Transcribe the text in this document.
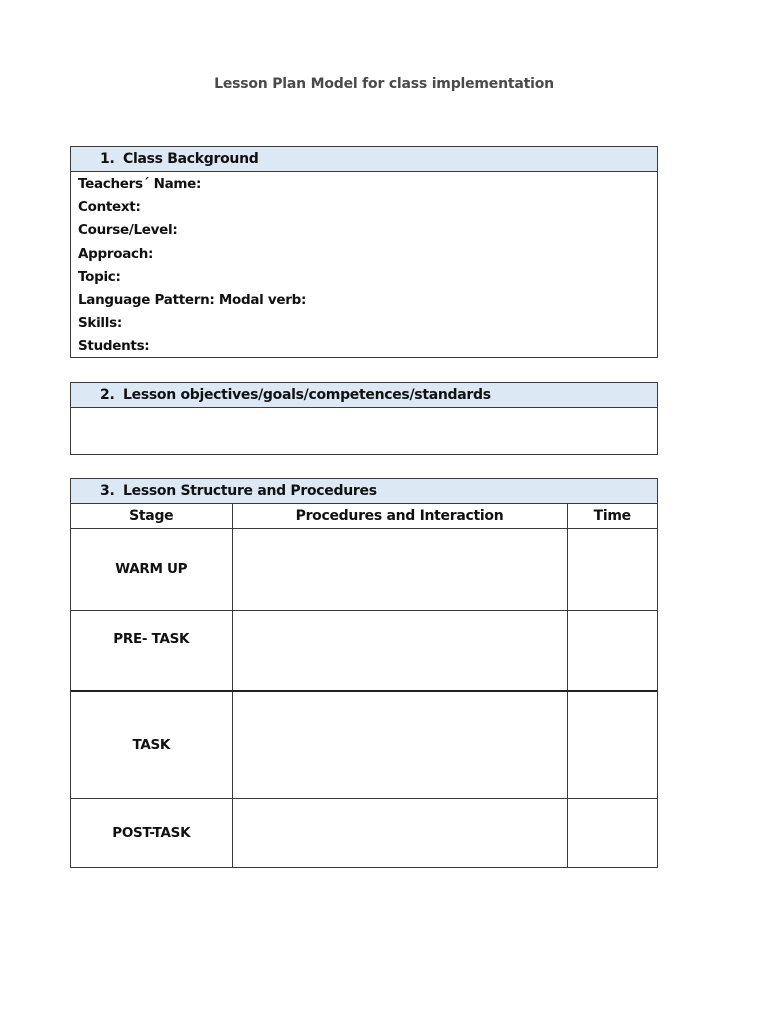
Lesson Plan Model for class implementation
1. Class Background
Teachers´ Name:
Context:
Course/Level:
Approach:
Topic:
Language Pattern: Modal verb:
Skills:
Students:
2. Lesson objectives/goals/competences/standards
3. Lesson Structure and Procedures
Stage	Procedures and Interaction	Time
WARM UP		
PRE- TASK		
TASK		
POST-TASK		
